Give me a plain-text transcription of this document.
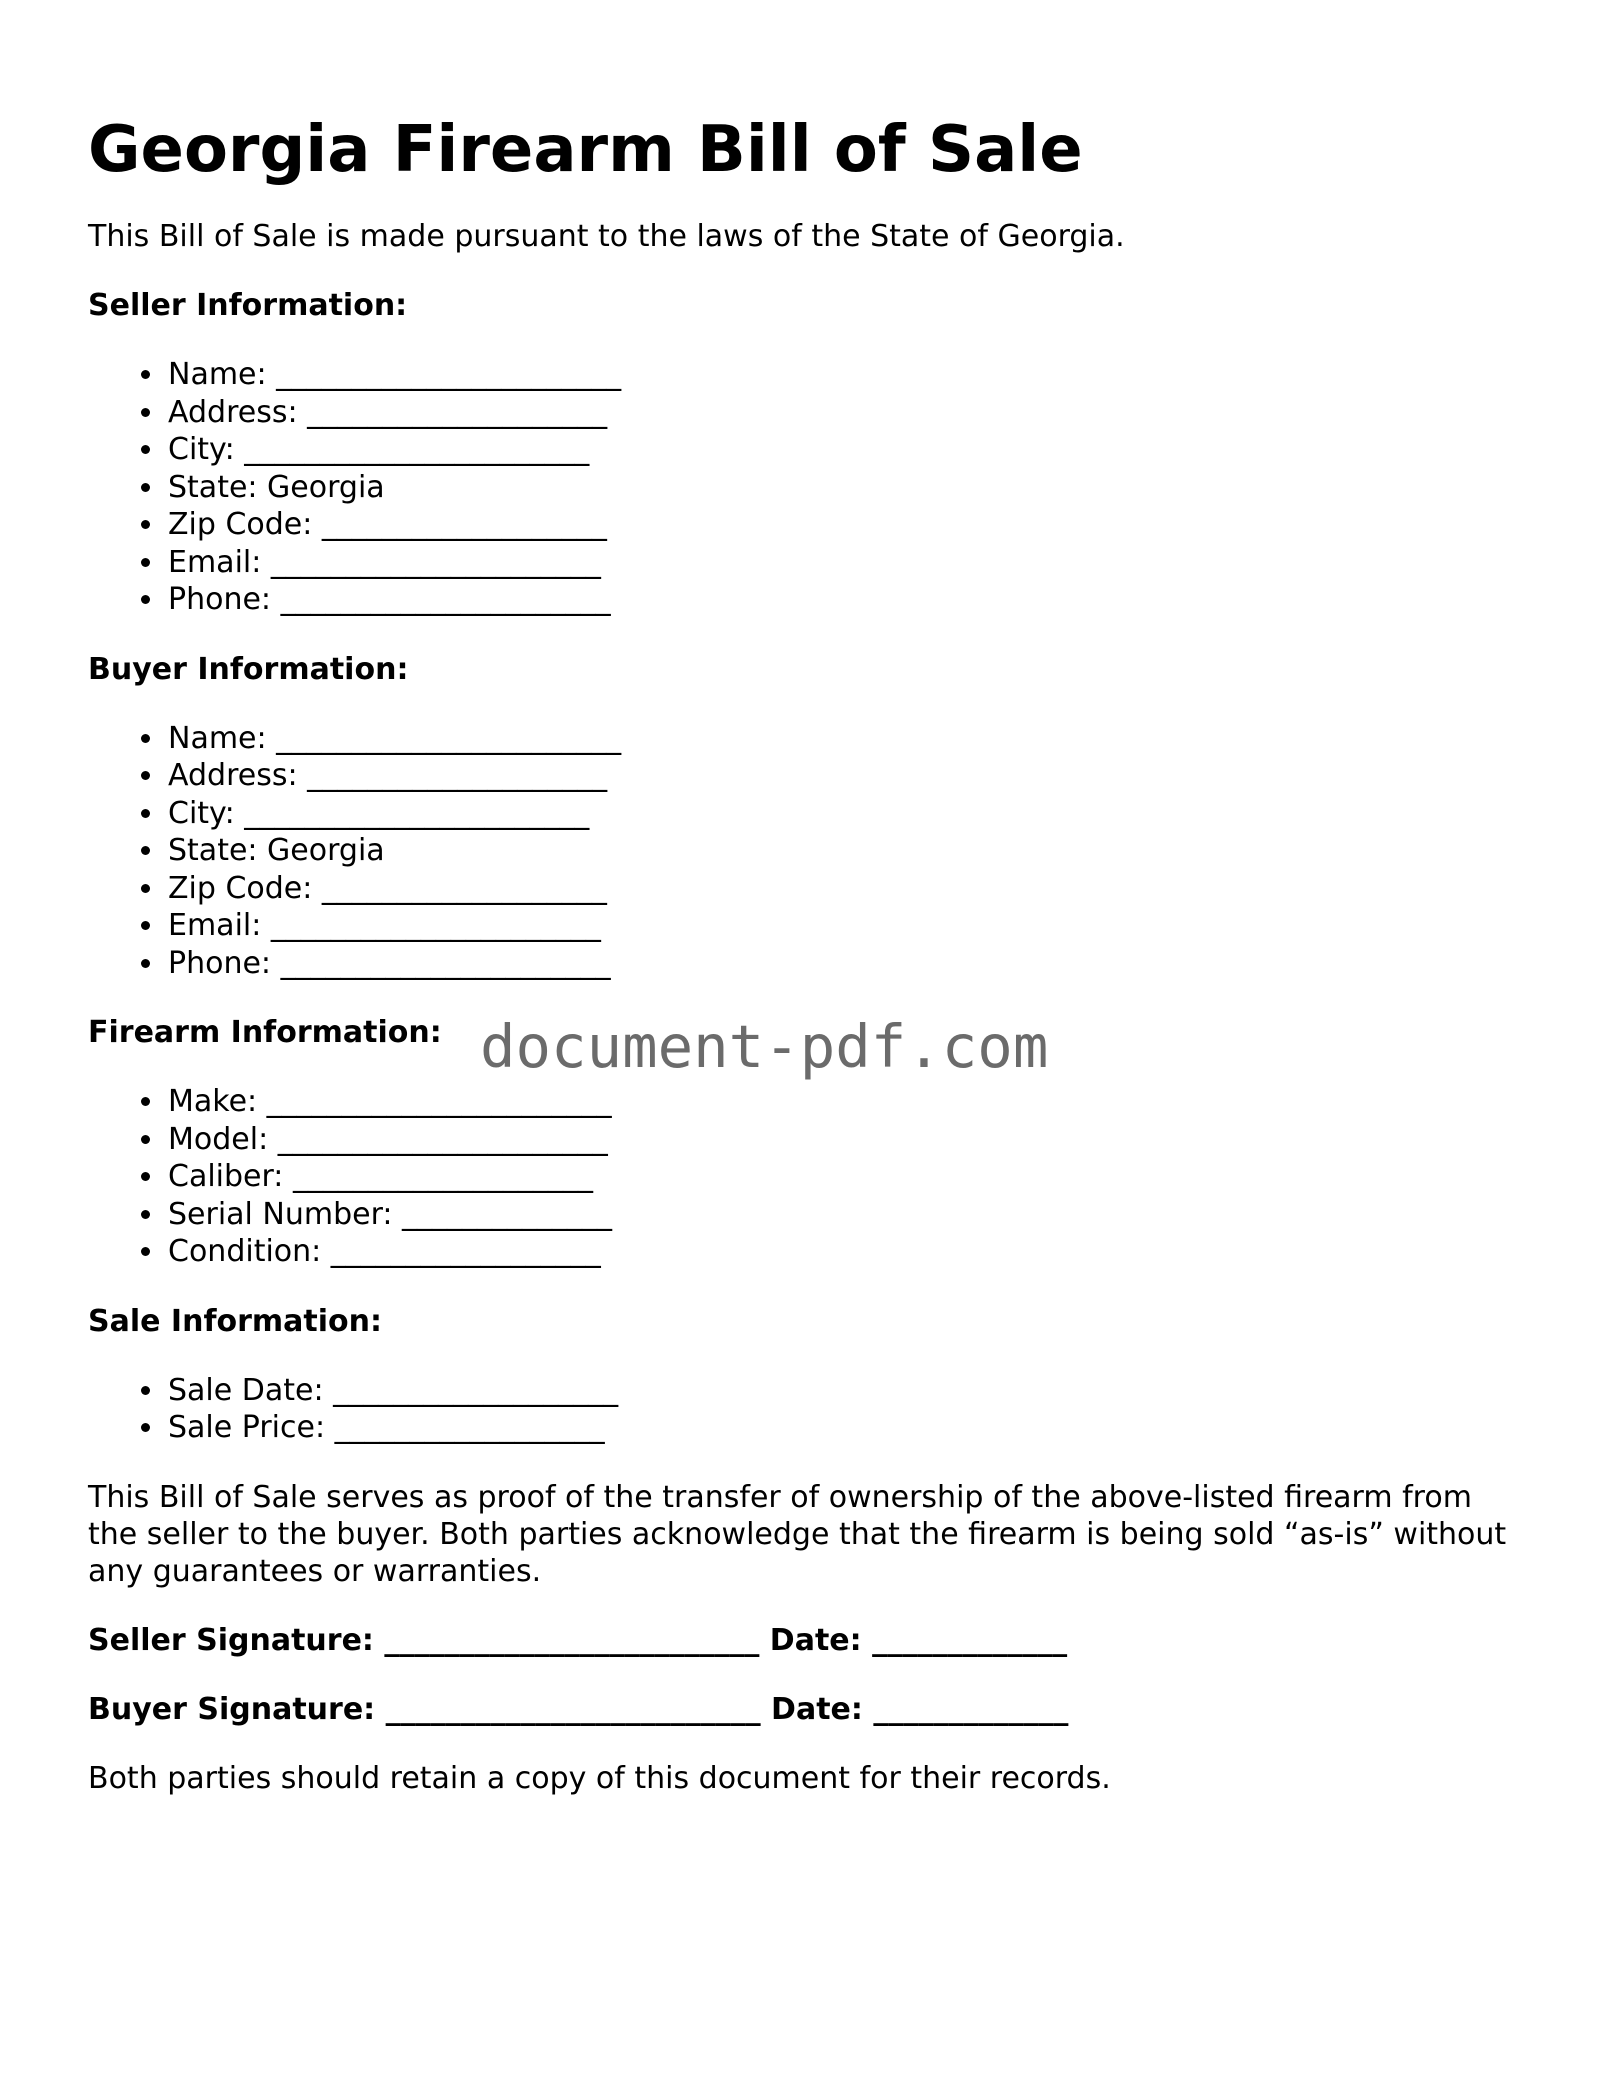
Georgia Firearm Bill of Sale

This Bill of Sale is made pursuant to the laws of the State of Georgia.

Seller Information:
• Name: _______________________
• Address: ____________________
• City: _______________________
• State: Georgia
• Zip Code: ___________________
• Email: ______________________
• Phone: ______________________
Buyer Information:
• Name: _______________________
• Address: ____________________
• City: _______________________
• State: Georgia
• Zip Code: ___________________
• Email: ______________________
• Phone: ______________________
Firearm Information:
• Make: _______________________
• Model: ______________________
• Caliber: ____________________
• Serial Number: ______________
• Condition: __________________
Sale Information:
• Sale Date: ___________________
• Sale Price: __________________

This Bill of Sale serves as proof of the transfer of ownership of the above-listed firearm from the seller to the buyer. Both parties acknowledge that the firearm is being sold “as-is” without any guarantees or warranties.

Seller Signature: _________________________ Date: _____________
Buyer Signature: _________________________ Date: _____________

Both parties should retain a copy of this document for their records.

document-pdf.com
